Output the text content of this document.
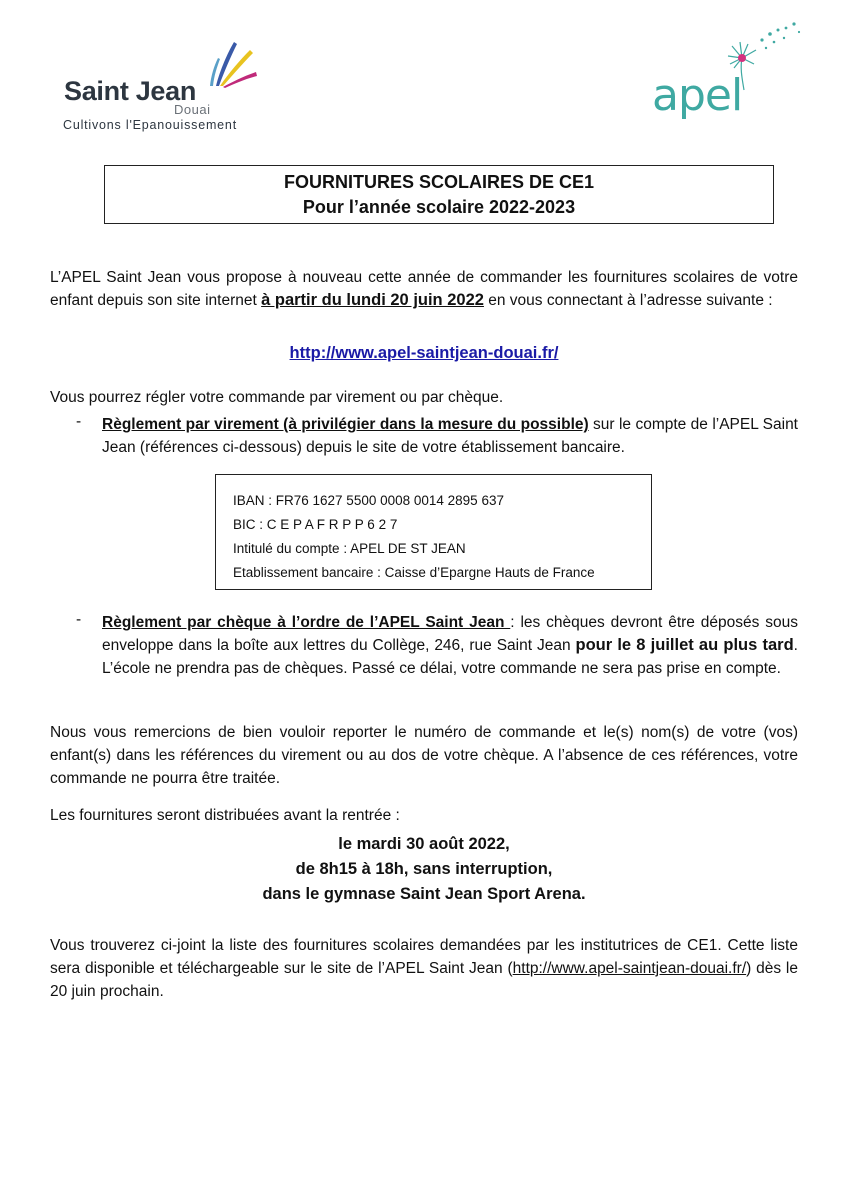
Saint Jean
Douai
Cultivons l'Epanouissement
apel
FOURNITURES SCOLAIRES DE CE1
Pour l’année scolaire 2022-2023
L’APEL Saint Jean vous propose à nouveau cette année de commander les fournitures scolaires de votre enfant depuis son site internet à partir du lundi 20 juin 2022 en vous connectant à l’adresse suivante :
http://www.apel-saintjean-douai.fr/
Vous pourrez régler votre commande par virement ou par chèque.
- Règlement par virement (à privilégier dans la mesure du possible) sur le compte de l’APEL Saint Jean (références ci-dessous) depuis le site de votre établissement bancaire.
IBAN : FR76 1627 5500 0008 0014 2895 637
BIC : C E P A F R P P 6 2 7
Intitulé du compte : APEL DE ST JEAN
Etablissement bancaire : Caisse d’Epargne Hauts de France
- Règlement par chèque à l’ordre de l’APEL Saint Jean : les chèques devront être déposés sous enveloppe dans la boîte aux lettres du Collège, 246, rue Saint Jean pour le 8 juillet au plus tard. L’école ne prendra pas de chèques. Passé ce délai, votre commande ne sera pas prise en compte.
Nous vous remercions de bien vouloir reporter le numéro de commande et le(s) nom(s) de votre (vos) enfant(s) dans les références du virement ou au dos de votre chèque. A l’absence de ces références, votre commande ne pourra être traitée.
Les fournitures seront distribuées avant la rentrée :
le mardi 30 août 2022,
de 8h15 à 18h, sans interruption,
dans le gymnase Saint Jean Sport Arena.
Vous trouverez ci-joint la liste des fournitures scolaires demandées par les institutrices de CE1. Cette liste sera disponible et téléchargeable sur le site de l’APEL Saint Jean (http://www.apel-saintjean-douai.fr/) dès le 20 juin prochain.
